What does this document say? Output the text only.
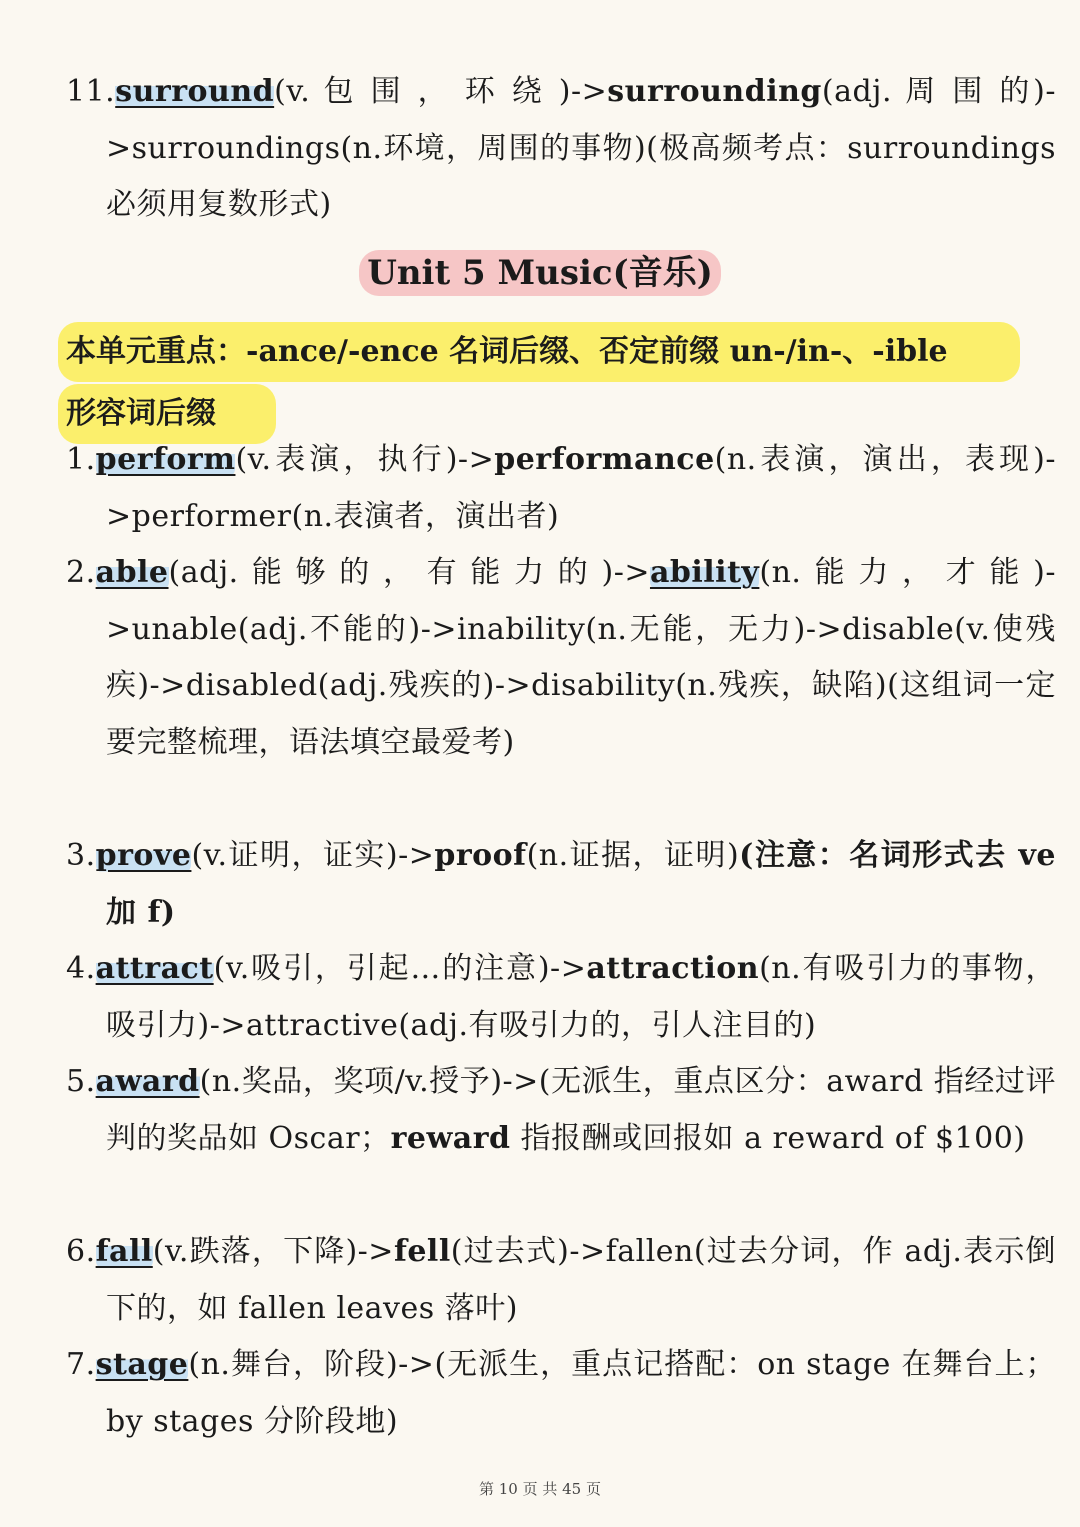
11.surround(v. 包 围 ， 环 绕 )->surrounding(adj. 周 围 的)->surroundings(n.环境，周围的事物)(极高频考点：surroundings 必须用复数形式)
Unit 5 Music(音乐)
本单元重点：-ance/-ence 名词后缀、否定前缀 un-/in-、-ible
形容词后缀
1.perform(v.表演，执行)->performance(n.表演，演出，表现)->performer(n.表演者，演出者)
2.able(adj.能够的，有能力的)->ability(n.能力，才能)->unable(adj.不能的)->inability(n.无能，无力)->disable(v.使残疾)->disabled(adj.残疾的)->disability(n.残疾，缺陷)(这组词一定要完整梳理，语法填空最爱考)
3.prove(v.证明，证实)->proof(n.证据，证明)(注意：名词形式去 ve 加 f)
4.attract(v.吸引，引起…的注意)->attraction(n.有吸引力的事物，吸引力)->attractive(adj.有吸引力的，引人注目的)
5.award(n.奖品，奖项/v.授予)->(无派生，重点区分：award 指经过评判的奖品如 Oscar；reward 指报酬或回报如 a reward of $100)
6.fall(v.跌落，下降)->fell(过去式)->fallen(过去分词，作 adj.表示倒下的，如 fallen leaves 落叶)
7.stage(n.舞台，阶段)->(无派生，重点记搭配：on stage 在舞台上；by stages 分阶段地)
第 10 页 共 45 页
